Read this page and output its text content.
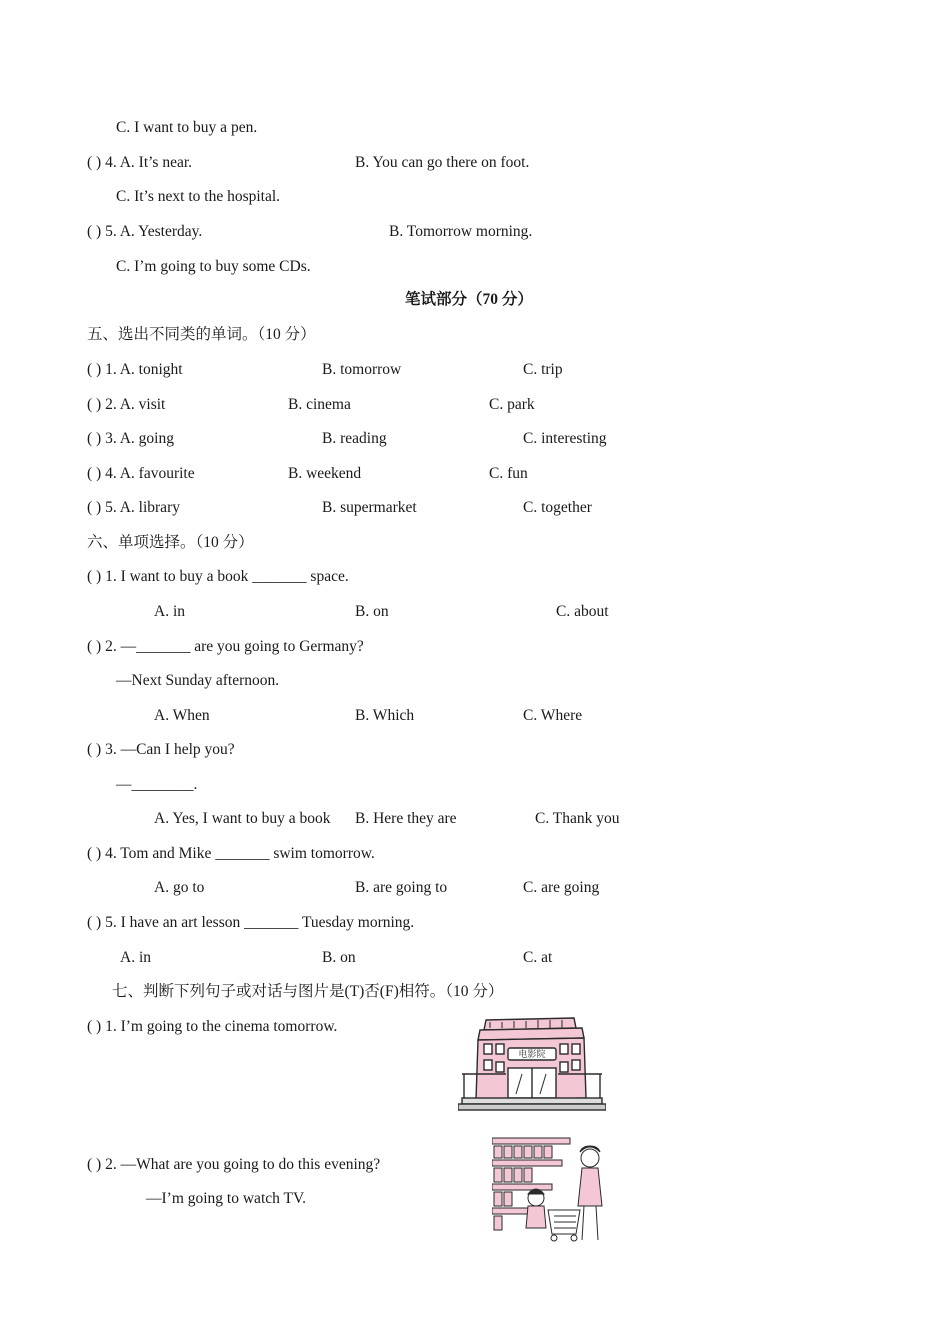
C. I want to buy a pen.
( ) 4. A. It’s near.	B. You can go there on foot.
C. It’s next to the hospital.
( ) 5. A. Yesterday.	B. Tomorrow morning.
C. I’m going to buy some CDs.
笔试部分（70 分）
五、选出不同类的单词。（10 分）
( ) 1. A. tonight	B. tomorrow	C. trip
( ) 2. A. visit	B. cinema	C. park
( ) 3. A. going	B. reading	C. interesting
( ) 4. A. favourite	B. weekend	C. fun
( ) 5. A. library	B. supermarket	C. together
六、单项选择。（10 分）
( ) 1. I want to buy a book _______ space.
A. in	B. on	C. about
( ) 2. —_______ are you going to Germany?
—Next Sunday afternoon.
A. When	B. Which	C. Where
( ) 3. —Can I help you?
—________.
A. Yes, I want to buy a book B. Here they are	C. Thank you
( ) 4. Tom and Mike _______ swim tomorrow.
A. go to	B. are going to	C. are going
( ) 5. I have an art lesson _______ Tuesday morning.
A. in	B. on	C. at
七、判断下列句子或对话与图片是(T)否(F)相符。（10 分）
( ) 1. I’m going to the cinema tomorrow.
电影院
( ) 2. —What are you going to do this evening?
—I’m going to watch TV.
